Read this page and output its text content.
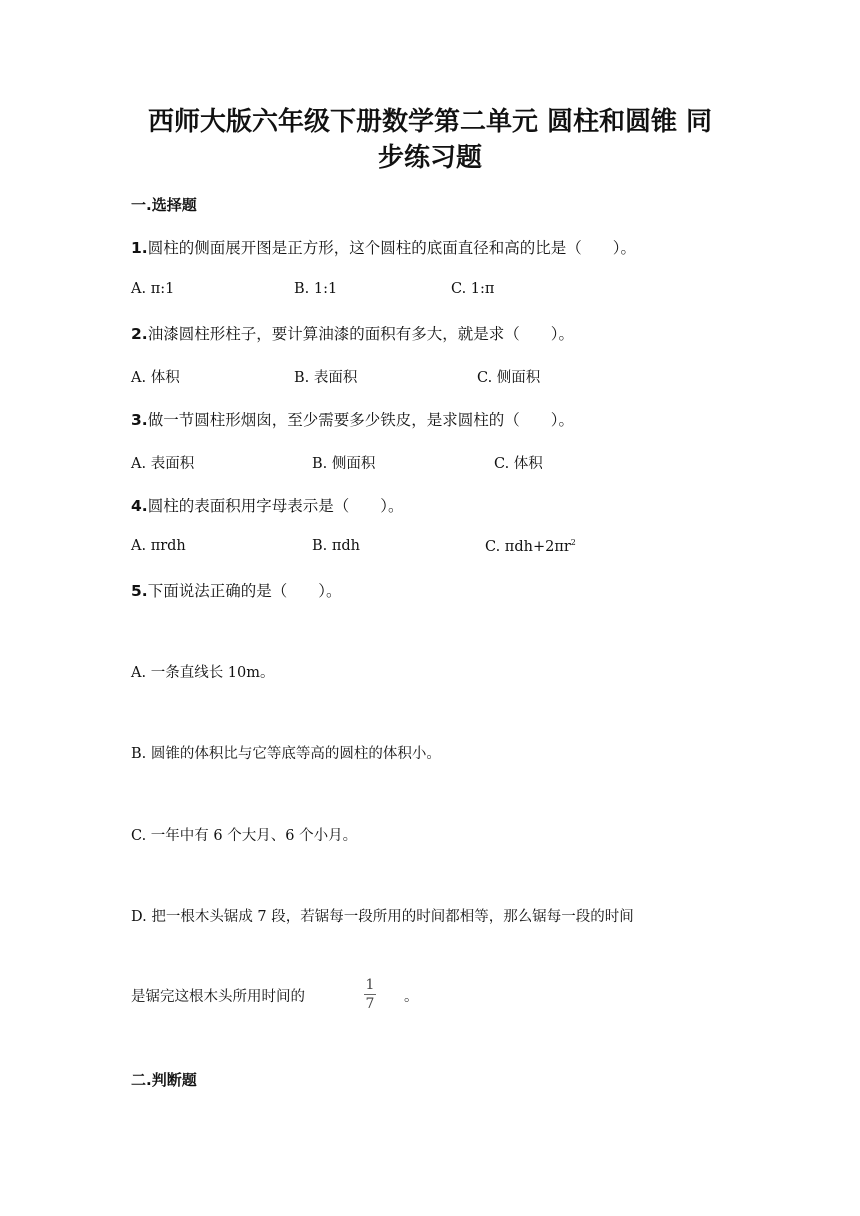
西师大版六年级下册数学第二单元 圆柱和圆锥 同
步练习题
一.选择题
1.圆柱的侧面展开图是正方形，这个圆柱的底面直径和高的比是（　　）。
A. π:1	B. 1:1	C. 1:π
2.油漆圆柱形柱子，要计算油漆的面积有多大，就是求（　　）。
A. 体积	B. 表面积	C. 侧面积
3.做一节圆柱形烟囱，至少需要多少铁皮，是求圆柱的（　　）。
A. 表面积	B. 侧面积	C. 体积
4.圆柱的表面积用字母表示是（　　）。
A. πrdh	B. πdh	C. $\pi dh+2\pi r^2$
5.下面说法正确的是（　　）。
A. 一条直线长 10m。
B. 圆锥的体积比与它等底等高的圆柱的体积小。
C. 一年中有 6 个大月、6 个小月。
D. 把一根木头锯成 7 段，若锯每一段所用的时间都相等，那么锯每一段的时间
是锯完这根木头所用时间的
1
7 。
二.判断题
